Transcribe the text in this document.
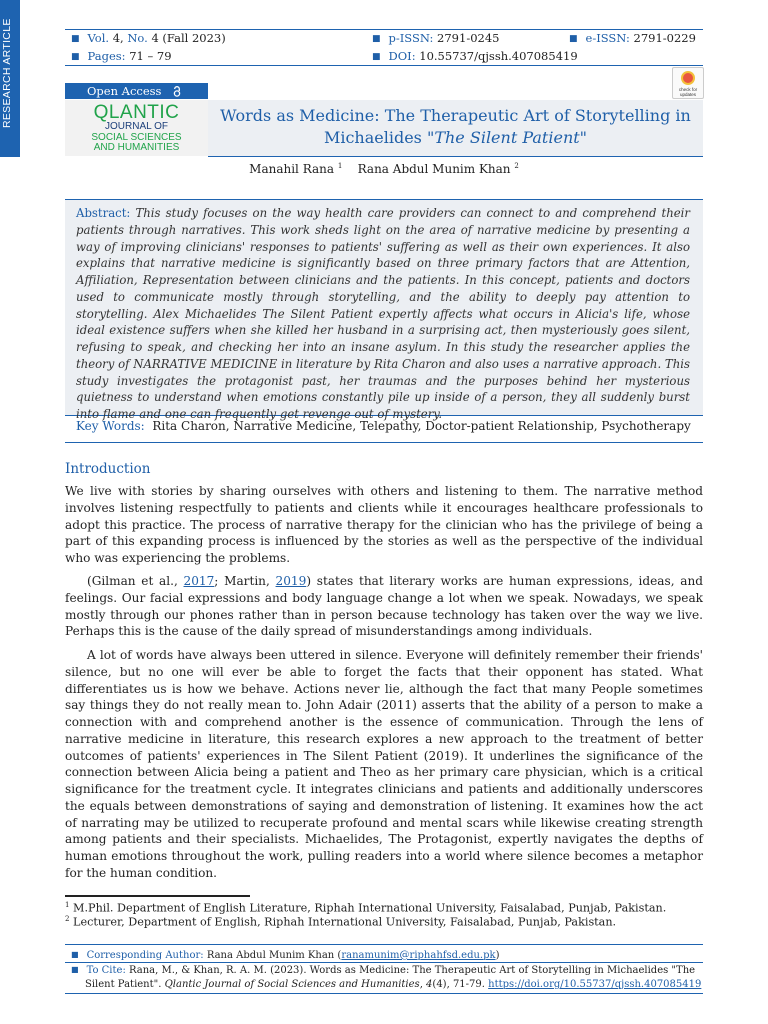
RESEARCH ARTICLE	■ Vol. 4, No. 4 (Fall 2023)
■ Pages: 71 – 79
■ p-ISSN: 2791-0245
■ DOI: 10.55737/qjssh.407085419
■ e-ISSN: 2791-0229
Open Access	check for updates
QLANTIC
JOURNAL OF
SOCIAL SCIENCES
AND HUMANITIES
Words as Medicine: The Therapeutic Art of Storytelling in
Michaelides "The Silent Patient"
Manahil Rana $^1$ Rana Abdul Munim Khan $^2$
Abstract: This study focuses on the way health care providers can connect to and comprehend their patients through narratives. This work sheds light on the area of narrative medicine by presenting a way of improving clinicians' responses to patients' suffering as well as their own experiences. It also explains that narrative medicine is significantly based on three primary factors that are Attention, Affiliation, Representation between clinicians and the patients. In this concept, patients and doctors used to communicate mostly through storytelling, and the ability to deeply pay attention to storytelling. Alex Michaelides The Silent Patient expertly affects what occurs in Alicia's life, whose ideal existence suffers when she killed her husband in a surprising act, then mysteriously goes silent, refusing to speak, and checking her into an insane asylum. In this study the researcher applies the theory of NARRATIVE MEDICINE in literature by Rita Charon and also uses a narrative approach. This study investigates the protagonist past, her traumas and the purposes behind her mysterious quietness to understand when emotions constantly pile up inside of a person, they all suddenly burst into flame and one can frequently get revenge out of mystery.
Key Words: Rita Charon, Narrative Medicine, Telepathy, Doctor-patient Relationship, Psychotherapy
Introduction

We live with stories by sharing ourselves with others and listening to them. The narrative method involves listening respectfully to patients and clients while it encourages healthcare professionals to adopt this practice. The process of narrative therapy for the clinician who has the privilege of being a part of this expanding process is influenced by the stories as well as the perspective of the individual who was experiencing the problems.

(Gilman et al., 2017; Martin, 2019) states that literary works are human expressions, ideas, and feelings. Our facial expressions and body language change a lot when we speak. Nowadays, we speak mostly through our phones rather than in person because technology has taken over the way we live. Perhaps this is the cause of the daily spread of misunderstandings among individuals.

A lot of words have always been uttered in silence. Everyone will definitely remember their friends' silence, but no one will ever be able to forget the facts that their opponent has stated. What differentiates us is how we behave. Actions never lie, although the fact that many People sometimes say things they do not really mean to. John Adair (2011) asserts that the ability of a person to make a connection with and comprehend another is the essence of communication. Through the lens of narrative medicine in literature, this research explores a new approach to the treatment of better outcomes of patients' experiences in The Silent Patient (2019). It underlines the significance of the connection between Alicia being a patient and Theo as her primary care physician, which is a critical significance for the treatment cycle. It integrates clinicians and patients and additionally underscores the equals between demonstrations of saying and demonstration of listening. It examines how the act of narrating may be utilized to recuperate profound and mental scars while likewise creating strength among patients and their specialists. Michaelides, The Protagonist, expertly navigates the depths of human emotions throughout the work, pulling readers into a world where silence becomes a metaphor for the human condition.

$^1$ M.Phil. Department of English Literature, Riphah International University, Faisalabad, Punjab, Pakistan.
$^2$ Lecturer, Department of English, Riphah International University, Faisalabad, Punjab, Pakistan.
■ Corresponding Author: Rana Abdul Munim Khan (ranamunim@riphahfsd.edu.pk)
■ To Cite: Rana, M., & Khan, R. A. M. (2023). Words as Medicine: The Therapeutic Art of Storytelling in Michaelides "The Silent Patient". Qlantic Journal of Social Sciences and Humanities, 4(4), 71-79. https://doi.org/10.55737/qjssh.407085419
